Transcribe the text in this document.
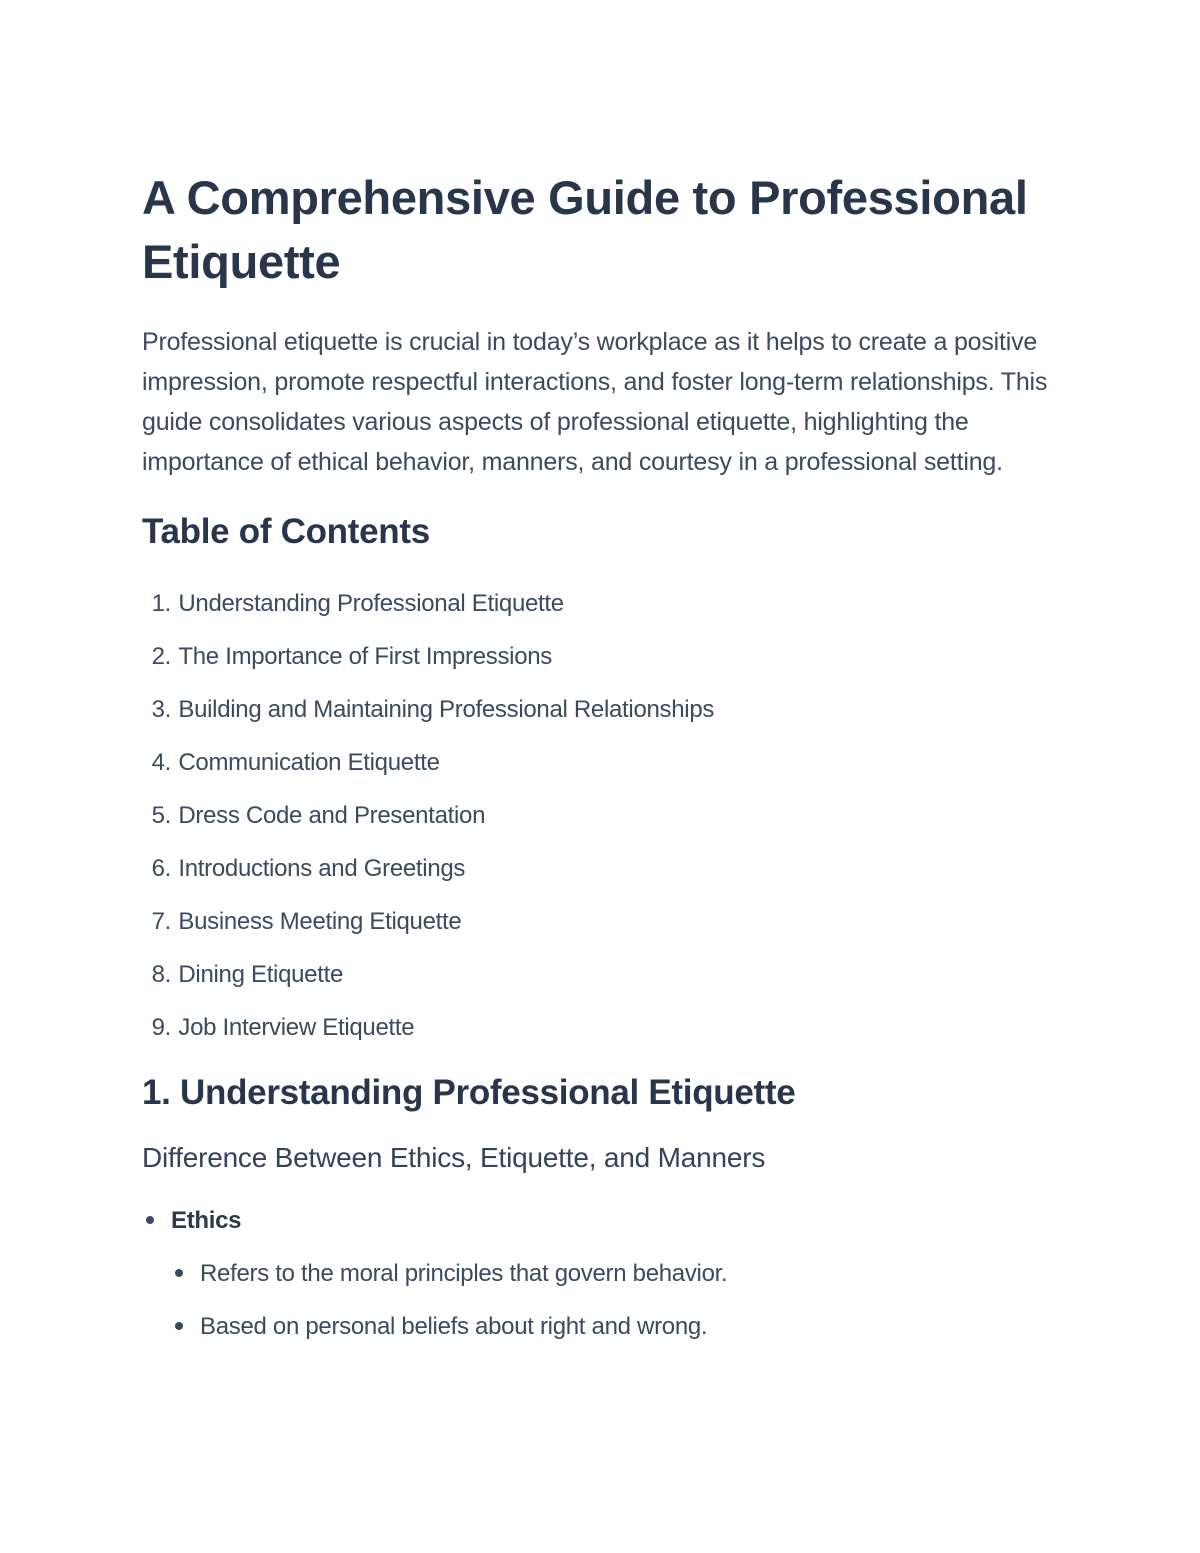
A Comprehensive Guide to Professional Etiquette

Professional etiquette is crucial in today’s workplace as it helps to create a positive impression, promote respectful interactions, and foster long-term relationships. This guide consolidates various aspects of professional etiquette, highlighting the importance of ethical behavior, manners, and courtesy in a professional setting.

Table of Contents
1.
Understanding Professional Etiquette
2.
The Importance of First Impressions
3.
Building and Maintaining Professional Relationships
4.
Communication Etiquette
5.
Dress Code and Presentation
6.
Introductions and Greetings
7.
Business Meeting Etiquette
8.
Dining Etiquette
9.
Job Interview Etiquette
1. Understanding Professional Etiquette
Difference Between Ethics, Etiquette, and Manners
Ethics
Refers to the moral principles that govern behavior.
Based on personal beliefs about right and wrong.
